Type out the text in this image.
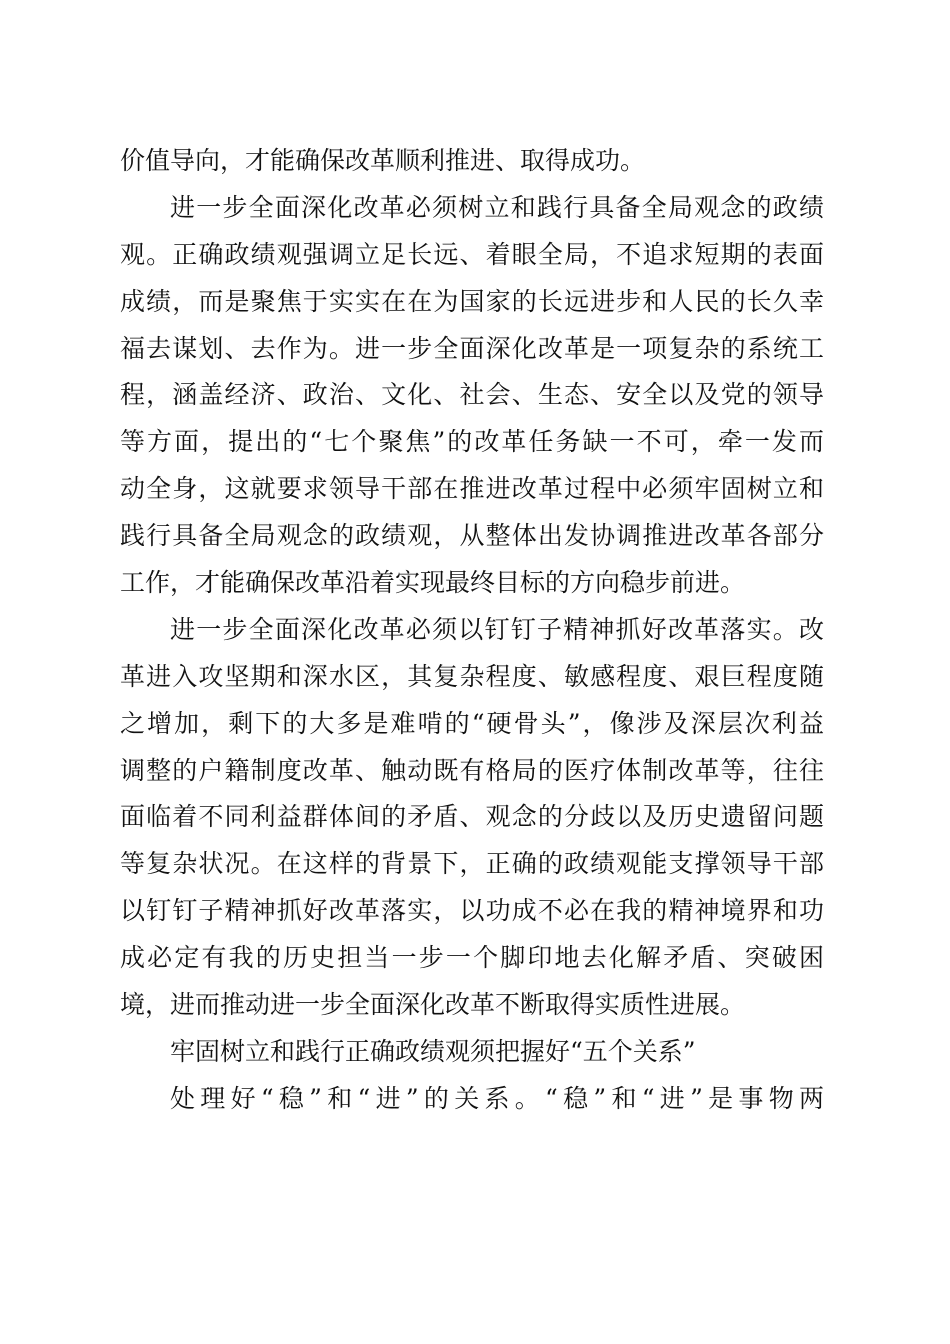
价值导向，才能确保改革顺利推进、取得成功。
进一步全面深化改革必须树立和践行具备全局观念的政绩
观。正确政绩观强调立足长远、着眼全局，不追求短期的表面
成绩，而是聚焦于实实在在为国家的长远进步和人民的长久幸
福去谋划、去作为。进一步全面深化改革是一项复杂的系统工
程，涵盖经济、政治、文化、社会、生态、安全以及党的领导
等方面，提出的“七个聚焦”的改革任务缺一不可，牵一发而
动全身，这就要求领导干部在推进改革过程中必须牢固树立和
践行具备全局观念的政绩观，从整体出发协调推进改革各部分
工作，才能确保改革沿着实现最终目标的方向稳步前进。
进一步全面深化改革必须以钉钉子精神抓好改革落实。改
革进入攻坚期和深水区，其复杂程度、敏感程度、艰巨程度随
之增加，剩下的大多是难啃的“硬骨头”，像涉及深层次利益
调整的户籍制度改革、触动既有格局的医疗体制改革等，往往
面临着不同利益群体间的矛盾、观念的分歧以及历史遗留问题
等复杂状况。在这样的背景下，正确的政绩观能支撑领导干部
以钉钉子精神抓好改革落实，以功成不必在我的精神境界和功
成必定有我的历史担当一步一个脚印地去化解矛盾、突破困
境，进而推动进一步全面深化改革不断取得实质性进展。
牢固树立和践行正确政绩观须把握好“五个关系”
处理好“稳”和“进”的关系。“稳”和“进”是事物两
